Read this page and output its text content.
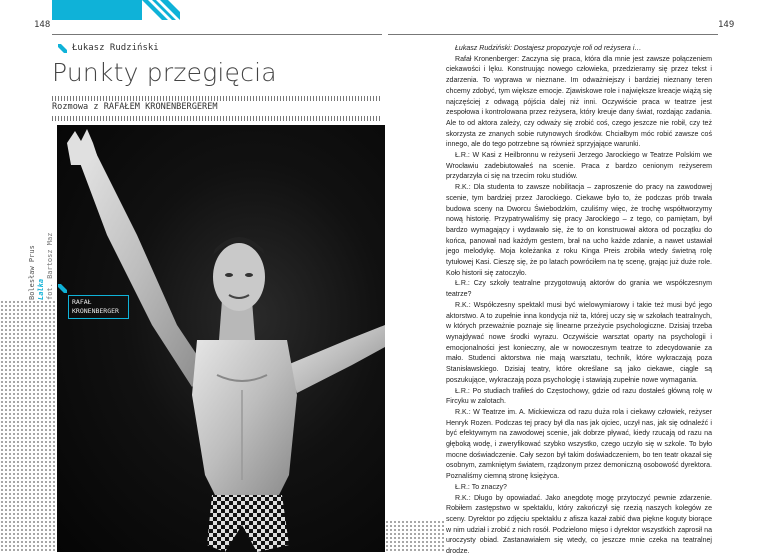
148	149
Łukasz Rudziński
Punkty przegięcia
Rozmowa z RAFAŁEM KRONENBERGEREM
Bolesław Prus Lalka fot. Bartosz Maz
RAFAŁ
KRONENBERGER

Łukasz Rudziński: Dostajesz propozycje roli od reżysera i…

Rafał Kronenberger: Zaczyna się praca, która dla mnie jest zawsze połączeniem ciekawości i lęku. Konstruując nowego człowieka, przedzieramy się przez tekst i zdarzenia. To wyprawa w nieznane. Im odważniejszy i bardziej nieznany teren chcemy zdobyć, tym większe emocje. Zjawiskowe role i największe kreacje wiążą się najczęściej z odwagą pójścia dalej niż inni. Oczywiście praca w teatrze jest zespołowa i kontrolowana przez reżysera, który kreuje dany świat, rozdając zadania. Ale to od aktora zależy, czy odważy się zrobić coś, czego jeszcze nie robił, czy też skorzysta ze znanych sobie rutynowych środków. Chciałbym móc robić zawsze coś innego, ale do tego potrzebne są również sprzyjające warunki.

Ł.R.: W Kasi z Heilbronnu w reżyserii Jerzego Jarockiego w Teatrze Polskim we Wrocławiu zadebiutowałeś na scenie. Praca z bardzo cenionym reżyserem przydarzyła ci się na trzecim roku studiów.

R.K.: Dla studenta to zawsze nobilitacja – zaproszenie do pracy na zawodowej scenie, tym bardziej przez Jarockiego. Ciekawe było to, że podczas prób trwała budowa sceny na Dworcu Świebodzkim, czuliśmy więc, że trochę współtworzymy nową historię. Przypatrywaliśmy się pracy Jarockiego – z tego, co pamiętam, był bardzo wymagający i wydawało się, że to on konstruował aktora od początku do końca, panował nad każdym gestem, brał na ucho każde zdanie, a nawet ustawiał jego melodykę. Moja koleżanka z roku Kinga Preis zrobiła wtedy świetną rolę tytułowej Kasi. Cieszę się, że po latach powróciłem na tę scenę, grając już duże role. Koło historii się zatoczyło.

Ł.R.: Czy szkoły teatralne przygotowują aktorów do grania we współczesnym teatrze?

R.K.: Współczesny spektakl musi być wielowymiarowy i takie też musi być jego aktorstwo. A to zupełnie inna kondycja niż ta, której uczy się w szkołach teatralnych, w których przeważnie poznaje się linearne przeżycie psychologiczne. Dzisiaj trzeba wynajdywać nowe środki wyrazu. Oczywiście warsztat oparty na psychologii i emocjonalności jest konieczny, ale w nowoczesnym teatrze to zdecydowanie za mało. Studenci aktorstwa nie mają warsztatu, technik, które wykraczają poza Stanisławskiego. Dzisiaj teatry, które określane są jako ciekawe, ciągle są poszukujące, wykraczają poza psychologię i stawiają zupełnie nowe wymagania.

Ł.R.: Po studiach trafiłeś do Częstochowy, gdzie od razu dostałeś główną rolę w Fircyku w zalotach.

R.K.: W Teatrze im. A. Mickiewicza od razu duża rola i ciekawy człowiek, reżyser Henryk Rozen. Podczas tej pracy był dla nas jak ojciec, uczył nas, jak się odnaleźć i być efektywnym na zawodowej scenie, jak dobrze pływać, kiedy rzucają od razu na głęboką wodę, i zweryfikować szybko wszystko, czego uczyło się w szkole. To było mocne doświadczenie. Cały sezon był takim doświadczeniem, bo ten teatr okazał się osobnym, zamkniętym światem, rządzonym przez demoniczną osobowość dyrektora. Poznaliśmy ciemną stronę księżyca.

Ł.R.: To znaczy?

R.K.: Długo by opowiadać. Jako anegdotę mogę przytoczyć pewnie zdarzenie. Robiłem zastępstwo w spektaklu, który zakończył się rzezią naszych kolegów ze sceny. Dyrektor po zdjęciu spektaklu z afisza kazał zabić dwa piękne koguty biorące w nim udział i zrobić z nich rosół. Podzielono mięso i dyrektor wszystkich zaprosił na uroczysty obiad. Zastanawiałem się wtedy, co jeszcze mnie czeka na teatralnej drodze.
